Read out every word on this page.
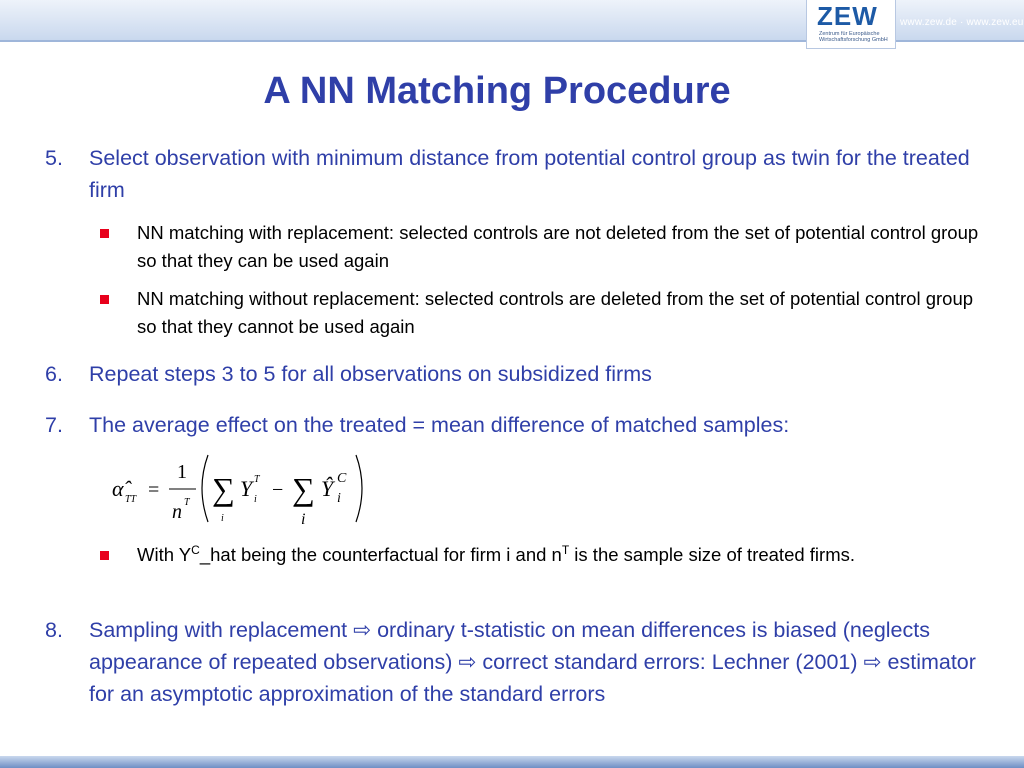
ZEW
Zentrum für Europäische Wirtschaftsforschung GmbH
www.zew.de · www.zew.eu
A NN Matching Procedure
5. Select observation with minimum distance from potential control group as twin for the treated firm
NN matching with replacement: selected controls are not deleted from the set of potential control group so that they can be used again
NN matching without replacement: selected controls are deleted from the set of potential control group so that they cannot be used again
6. Repeat steps 3 to 5 for all observations on subsidized firms
7. The average effect on the treated = mean difference of matched samples:
α̂ TT =
1
n T ∑
i
Y T
i − ∑
i
Ŷ C
i
With $Y^C\_hat$ being the counterfactual for firm i and $n^T$ is the sample size of treated firms.
8. Sampling with replacement ⇨ ordinary t-statistic on mean differences is biased (neglects appearance of repeated observations) ⇨ correct standard errors: Lechner (2001) ⇨ estimator for an asymptotic approximation of the standard errors
